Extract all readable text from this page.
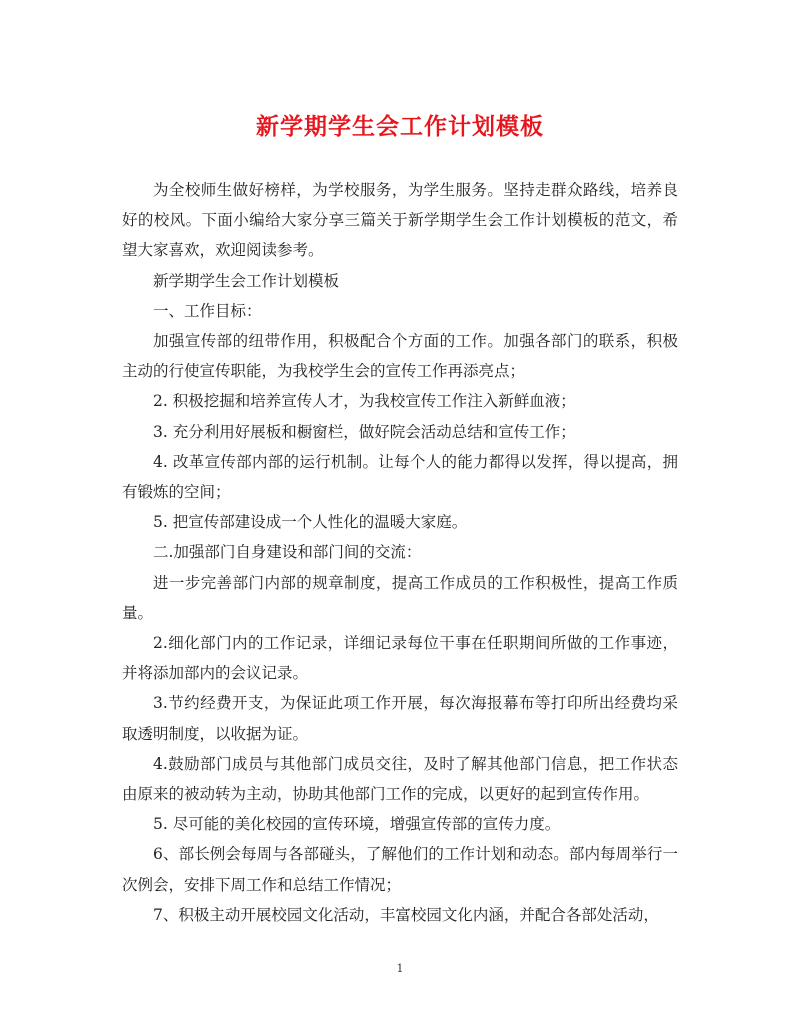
新学期学生会工作计划模板

为全校师生做好榜样，为学校服务，为学生服务。坚持走群众路线，培养良好的校风。下面小编给大家分享三篇关于新学期学生会工作计划模板的范文，希望大家喜欢，欢迎阅读参考。

新学期学生会工作计划模板

一、工作目标：

加强宣传部的纽带作用，积极配合个方面的工作。加强各部门的联系，积极主动的行使宣传职能，为我校学生会的宣传工作再添亮点；

2. 积极挖掘和培养宣传人才，为我校宣传工作注入新鲜血液；

3. 充分利用好展板和橱窗栏，做好院会活动总结和宣传工作；

4. 改革宣传部内部的运行机制。让每个人的能力都得以发挥，得以提高，拥有锻炼的空间；

5. 把宣传部建设成一个人性化的温暖大家庭。

二.加强部门自身建设和部门间的交流：

进一步完善部门内部的规章制度，提高工作成员的工作积极性，提高工作质量。

2.细化部门内的工作记录，详细记录每位干事在任职期间所做的工作事迹，并将添加部内的会议记录。

3.节约经费开支，为保证此项工作开展，每次海报幕布等打印所出经费均采取透明制度，以收据为证。

4.鼓励部门成员与其他部门成员交往，及时了解其他部门信息，把工作状态由原来的被动转为主动，协助其他部门工作的完成，以更好的起到宣传作用。

5. 尽可能的美化校园的宣传环境，增强宣传部的宣传力度。

6、部长例会每周与各部碰头，了解他们的工作计划和动态。部内每周举行一次例会，安排下周工作和总结工作情况；

7、积极主动开展校园文化活动，丰富校园文化内涵，并配合各部处活动，

1
